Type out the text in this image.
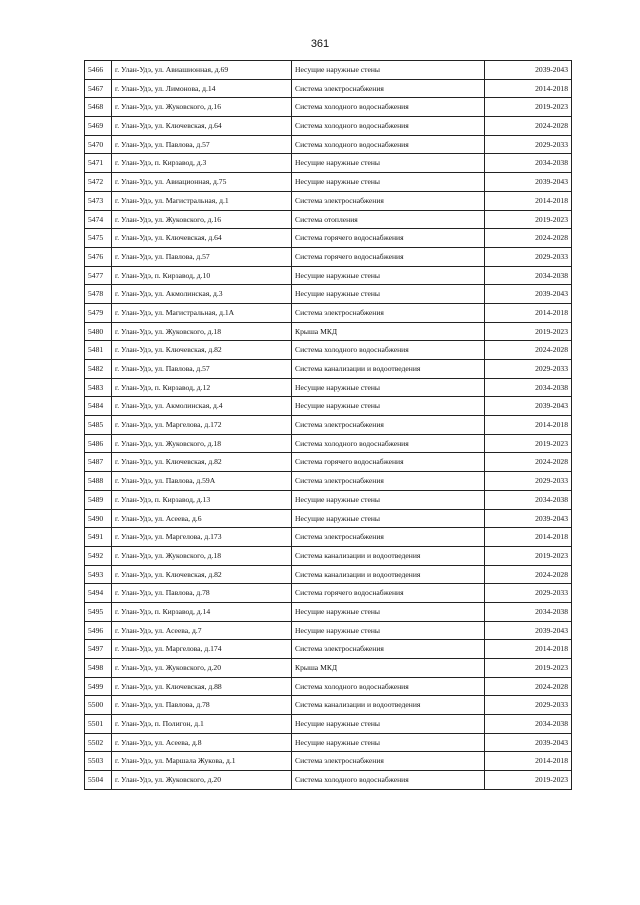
361
5466	г. Улан-Удэ, ул. Авиашионная, д.69	Несущие наружные стены	2039-2043
5467	г. Улан-Удэ, ул. Лимонова, д.14	Система электроснабжения	2014-2018
5468	г. Улан-Удэ, ул. Жуковского, д.16	Система холодного водоснабжения	2019-2023
5469	г. Улан-Удэ, ул. Ключевская, д.64	Система холодного водоснабжения	2024-2028
5470	г. Улан-Удэ, ул. Павлова, д.57	Система холодного водоснабжения	2029-2033
5471	г. Улан-Удэ, п. Кирзавод, д.3	Несущие наружные стены	2034-2038
5472	г. Улан-Удэ, ул. Авиационная, д.75	Несущие наружные стены	2039-2043
5473	г. Улан-Удэ, ул. Магистральная, д.1	Система электроснабжения	2014-2018
5474	г. Улан-Удэ, ул. Жуковского, д.16	Система отопления	2019-2023
5475	г. Улан-Удэ, ул. Ключевская, д.64	Система горячего водоснабжения	2024-2028
5476	г. Улан-Удэ, ул. Павлова, д.57	Система горячего водоснабжения	2029-2033
5477	г. Улан-Удэ, п. Кирзавод, д.10	Несущие наружные стены	2034-2038
5478	г. Улан-Удэ, ул. Акмолинская, д.3	Несущие наружные стены	2039-2043
5479	г. Улан-Удэ, ул. Магистральная, д.1А	Система электроснабжения	2014-2018
5480	г. Улан-Удэ, ул. Жуковского, д.18	Крыша МКД	2019-2023
5481	г. Улан-Удэ, ул. Ключевская, д.82	Система холодного водоснабжения	2024-2028
5482	г. Улан-Удэ, ул. Павлова, д.57	Система канализации и водоотведения	2029-2033
5483	г. Улан-Удэ, п. Кирзавод, д.12	Несущие наружные стены	2034-2038
5484	г. Улан-Удэ, ул. Акмолинская, д.4	Несущие наружные стены	2039-2043
5485	г. Улан-Удэ, ул. Маргелова, д.172	Система электроснабжения	2014-2018
5486	г. Улан-Удэ, ул. Жуковского, д.18	Система холодного водоснабжения	2019-2023
5487	г. Улан-Удэ, ул. Ключевская, д.82	Система горячего водоснабжения	2024-2028
5488	г. Улан-Удэ, ул. Павлова, д.59А	Система электроснабжения	2029-2033
5489	г. Улан-Удэ, п. Кирзавод, д.13	Несущие наружные стены	2034-2038
5490	г. Улан-Удэ, ул. Асеева, д.6	Несущие наружные стены	2039-2043
5491	г. Улан-Удэ, ул. Маргелова, д.173	Система электроснабжения	2014-2018
5492	г. Улан-Удэ, ул. Жуковского, д.18	Система канализации и водоотведения	2019-2023
5493	г. Улан-Удэ, ул. Ключевская, д.82	Система канализации и водоотведения	2024-2028
5494	г. Улан-Удэ, ул. Павлова, д.78	Система горячего водоснабжения	2029-2033
5495	г. Улан-Удэ, п. Кирзавод, д.14	Несущие наружные стены	2034-2038
5496	г. Улан-Удэ, ул. Асеева, д.7	Несущие наружные стены	2039-2043
5497	г. Улан-Удэ, ул. Маргелова, д.174	Система электроснабжения	2014-2018
5498	г. Улан-Удэ, ул. Жуковского, д.20	Крыша МКД	2019-2023
5499	г. Улан-Удэ, ул. Ключевская, д.88	Система холодного водоснабжения	2024-2028
5500	г. Улан-Удэ, ул. Павлова, д.78	Система канализации и водоотведения	2029-2033
5501	г. Улан-Удэ, п. Полигон, д.1	Несущие наружные стены	2034-2038
5502	г. Улан-Удэ, ул. Асеева, д.8	Несущие наружные стены	2039-2043
5503	г. Улан-Удэ, ул. Маршала Жукова, д.1	Система электроснабжения	2014-2018
5504	г. Улан-Удэ, ул. Жуковского, д.20	Система холодного водоснабжения	2019-2023
